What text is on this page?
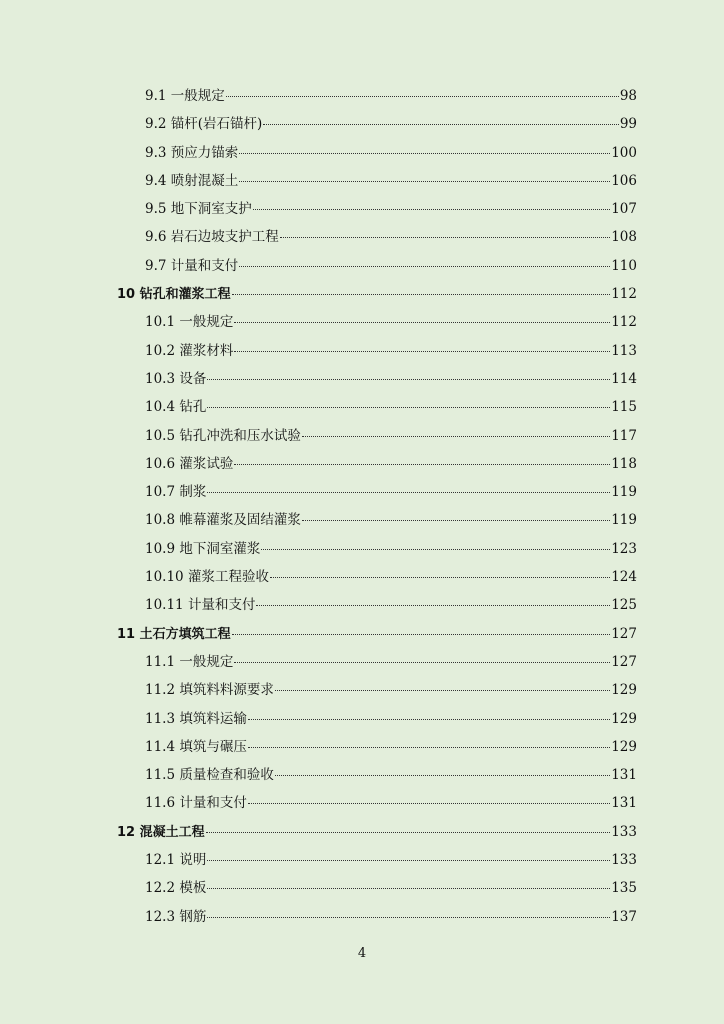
9.1 一般规定	98
9.2 锚杆(岩石锚杆)	99
9.3 预应力锚索	100
9.4 喷射混凝土	106
9.5 地下洞室支护	107
9.6 岩石边坡支护工程	108
9.7 计量和支付	110
10 钻孔和灌浆工程	112
10.1 一般规定	112
10.2 灌浆材料	113
10.3 设备	114
10.4 钻孔	115
10.5 钻孔冲洗和压水试验	117
10.6 灌浆试验	118
10.7 制浆	119
10.8 帷幕灌浆及固结灌浆	119
10.9 地下洞室灌浆	123
10.10 灌浆工程验收	124
10.11 计量和支付	125
11 土石方填筑工程	127
11.1 一般规定	127
11.2 填筑料料源要求	129
11.3 填筑料运输	129
11.4 填筑与碾压	129
11.5 质量检查和验收	131
11.6 计量和支付	131
12 混凝土工程	133
12.1 说明	133
12.2 模板	135
12.3 钢筋	137
4
